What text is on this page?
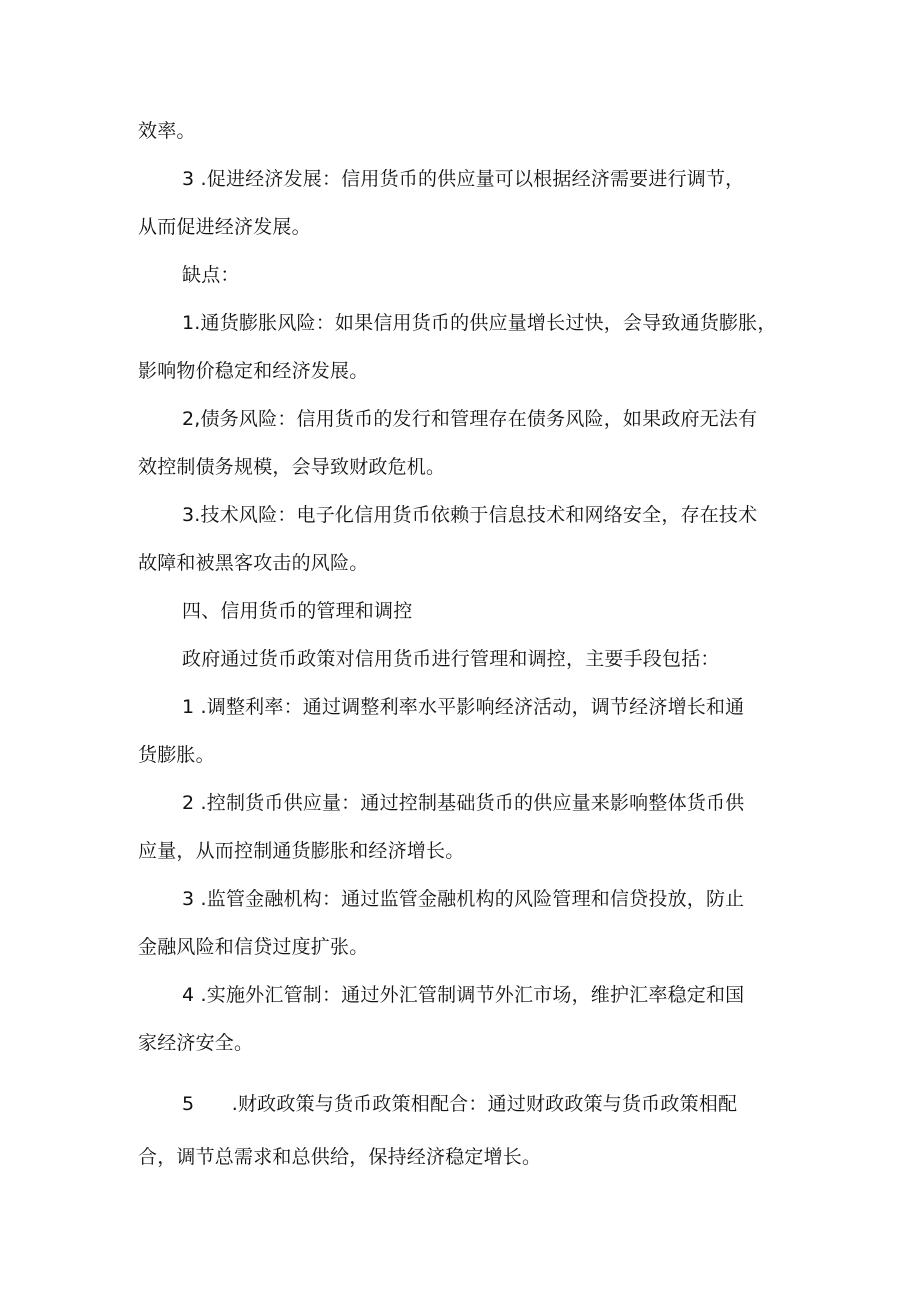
效率。
3 .促进经济发展：信用货币的供应量可以根据经济需要进行调节，
从而促进经济发展。
缺点：
1.通货膨胀风险：如果信用货币的供应量增长过快，会导致通货膨胀，
影响物价稳定和经济发展。
2,债务风险：信用货币的发行和管理存在债务风险，如果政府无法有
效控制债务规模，会导致财政危机。
3.技术风险：电子化信用货币依赖于信息技术和网络安全，存在技术
故障和被黑客攻击的风险。
四、信用货币的管理和调控
政府通过货币政策对信用货币进行管理和调控，主要手段包括：
1 .调整利率：通过调整利率水平影响经济活动，调节经济增长和通
货膨胀。
2 .控制货币供应量：通过控制基础货币的供应量来影响整体货币供
应量，从而控制通货膨胀和经济增长。
3 .监管金融机构：通过监管金融机构的风险管理和信贷投放，防止
金融风险和信贷过度扩张。
4 .实施外汇管制：通过外汇管制调节外汇市场，维护汇率稳定和国
家经济安全。
5      .财政政策与货币政策相配合：通过财政政策与货币政策相配
合，调节总需求和总供给，保持经济稳定增长。
